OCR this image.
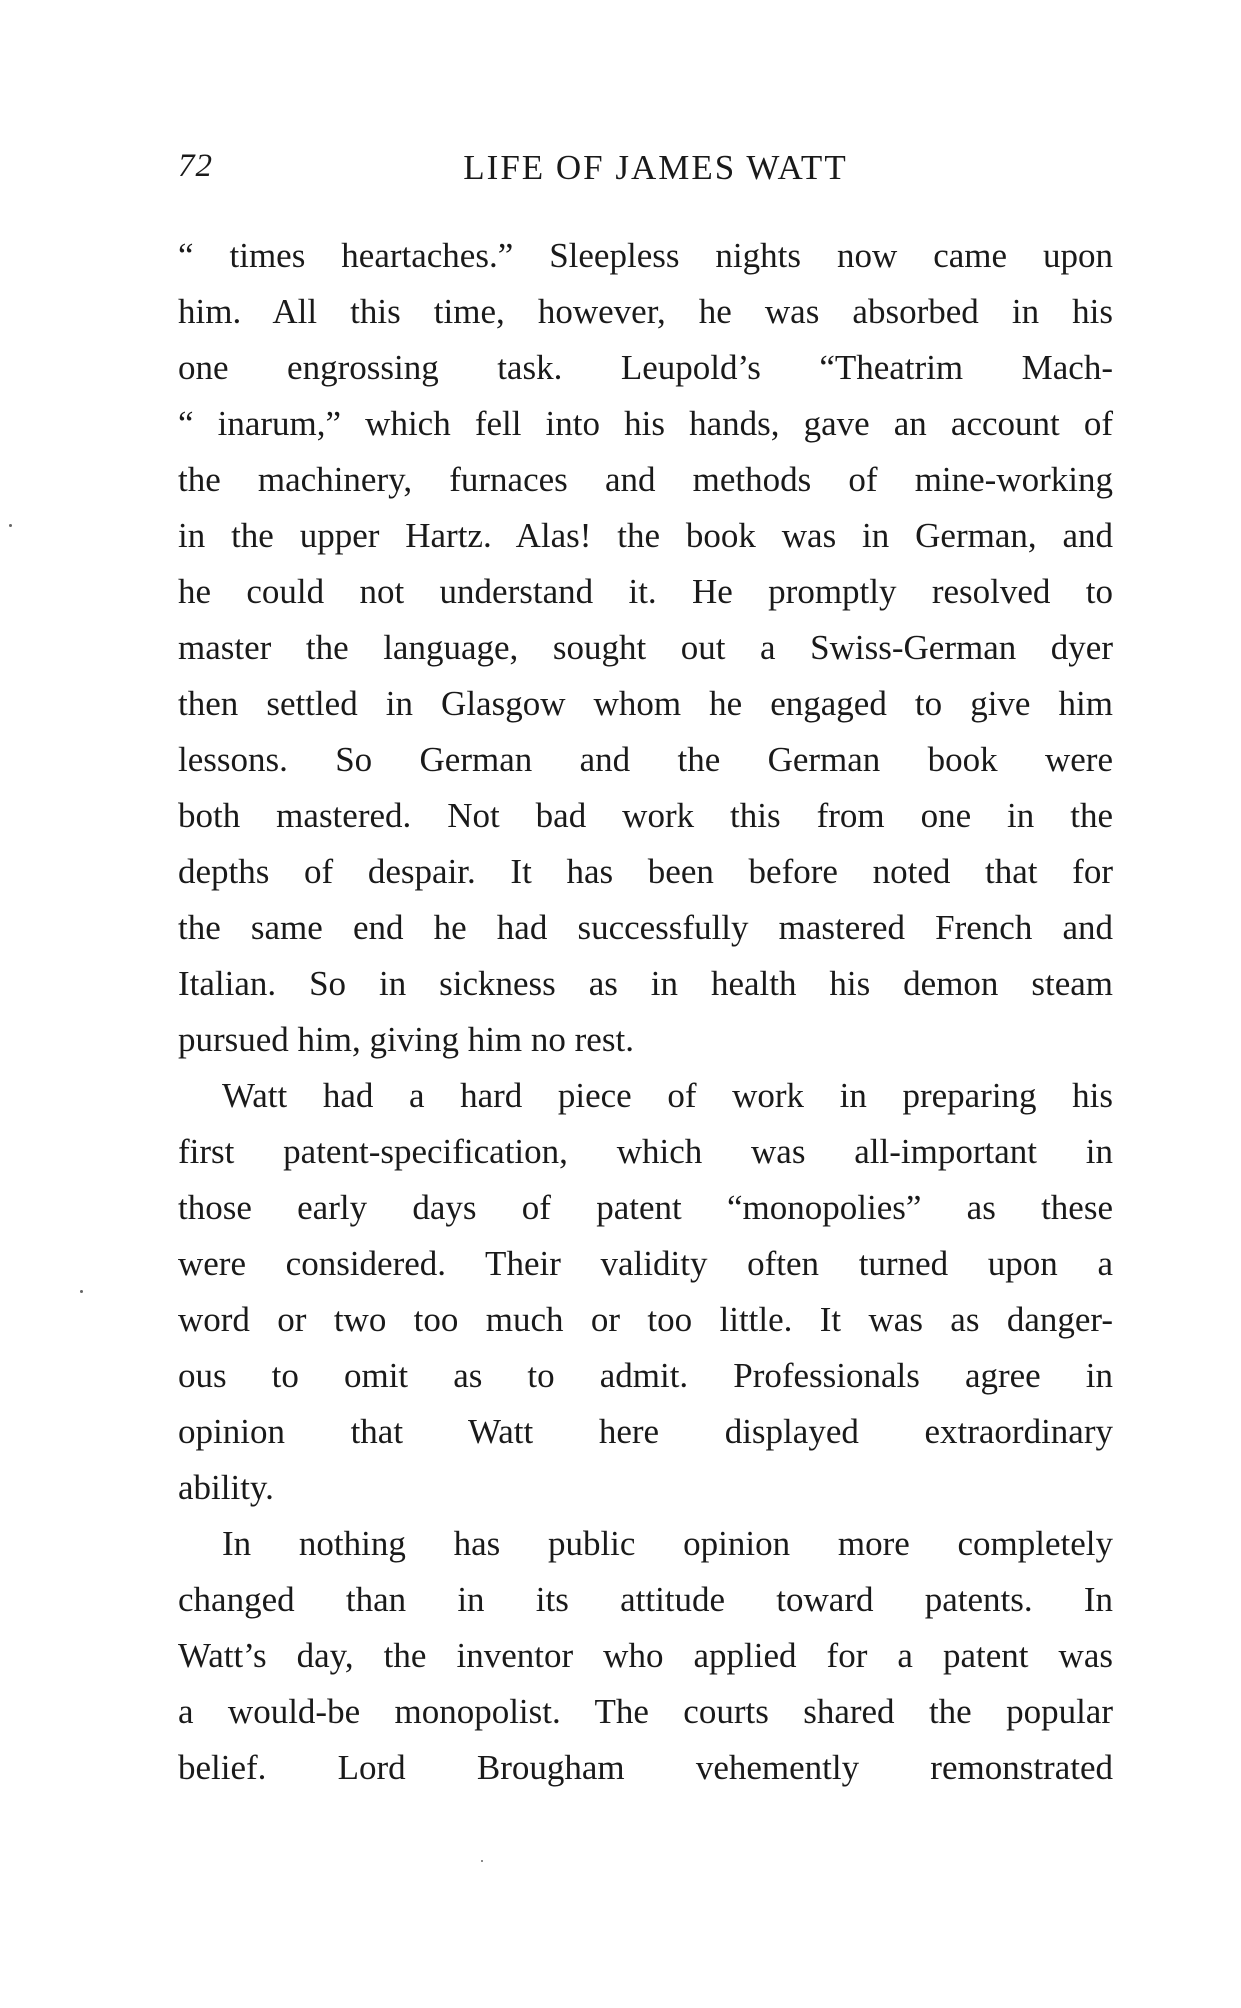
72	LIFE OF JAMES WATT
“ times heartaches.” Sleepless nights now came upon
him. All this time, however, he was absorbed in his
one engrossing task. Leupold’s “Theatrim Mach-
“ inarum,” which fell into his hands, gave an account of
the machinery, furnaces and methods of mine-working
in the upper Hartz. Alas! the book was in German, and
he could not understand it. He promptly resolved to
master the language, sought out a Swiss-German dyer
then settled in Glasgow whom he engaged to give him
lessons. So German and the German book were
both mastered. Not bad work this from one in the
depths of despair. It has been before noted that for
the same end he had successfully mastered French and
Italian. So in sickness as in health his demon steam
pursued him, giving him no rest.
Watt had a hard piece of work in preparing his
first patent-specification, which was all-important in
those early days of patent “monopolies” as these
were considered. Their validity often turned upon a
word or two too much or too little. It was as danger-
ous to omit as to admit. Professionals agree in
opinion that Watt here displayed extraordinary
ability.
In nothing has public opinion more completely
changed than in its attitude toward patents. In
Watt’s day, the inventor who applied for a patent was
a would-be monopolist. The courts shared the popular
belief. Lord Brougham vehemently remonstrated
